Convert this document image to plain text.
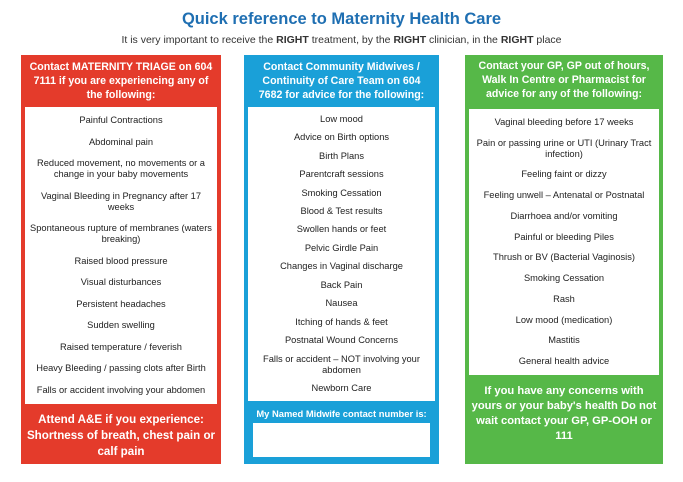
Quick reference to Maternity Health Care
It is very important to receive the RIGHT treatment, by the RIGHT clinician, in the RIGHT place
Contact MATERNITY TRIAGE on 604 7111 if you are experiencing any of the following:
Painful Contractions
Abdominal pain
Reduced movement, no movements or a change in your baby movements
Vaginal Bleeding in Pregnancy after 17 weeks
Spontaneous rupture of membranes (waters breaking)
Raised blood pressure
Visual disturbances
Persistent headaches
Sudden swelling
Raised temperature / feverish
Heavy Bleeding / passing clots after Birth
Falls or accident involving your abdomen
Attend A&E if you experience: Shortness of breath, chest pain or calf pain
Contact Community Midwives / Continuity of Care Team on 604 7682 for advice for the following:
Low mood
Advice on Birth options
Birth Plans
Parentcraft sessions
Smoking Cessation
Blood & Test results
Swollen hands or feet
Pelvic Girdle Pain
Changes in Vaginal discharge
Back Pain
Nausea
Itching of hands & feet
Postnatal Wound Concerns
Falls or accident – NOT involving your abdomen
Newborn Care
My Named Midwife contact number is:
Contact your GP, GP out of hours, Walk In Centre or Pharmacist for advice for any of the following:
Vaginal bleeding before 17 weeks
Pain or passing urine or UTI (Urinary Tract infection)
Feeling faint or dizzy
Feeling unwell – Antenatal or Postnatal
Diarrhoea and/or vomiting
Painful or bleeding Piles
Thrush or BV (Bacterial Vaginosis)
Smoking Cessation
Rash
Low mood (medication)
Mastitis
General health advice
If you have any concerns with yours or your baby's health Do not wait contact your GP, GP-OOH or 111
